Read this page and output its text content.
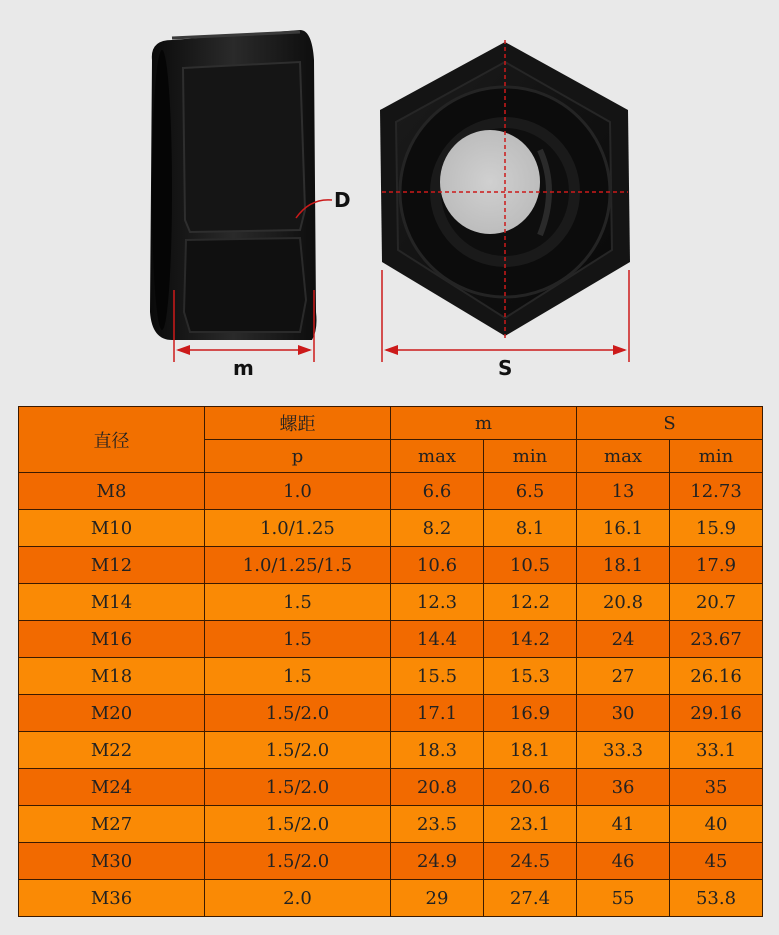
m	S
D
直径	螺距	m		S	
	p	max	min	max	min
M8	1.0	6.6	6.5	13	12.73
M10	1.0/1.25	8.2	8.1	16.1	15.9
M12	1.0/1.25/1.5	10.6	10.5	18.1	17.9
M14	1.5	12.3	12.2	20.8	20.7
M16	1.5	14.4	14.2	24	23.67
M18	1.5	15.5	15.3	27	26.16
M20	1.5/2.0	17.1	16.9	30	29.16
M22	1.5/2.0	18.3	18.1	33.3	33.1
M24	1.5/2.0	20.8	20.6	36	35
M27	1.5/2.0	23.5	23.1	41	40
M30	1.5/2.0	24.9	24.5	46	45
M36	2.0	29	27.4	55	53.8
